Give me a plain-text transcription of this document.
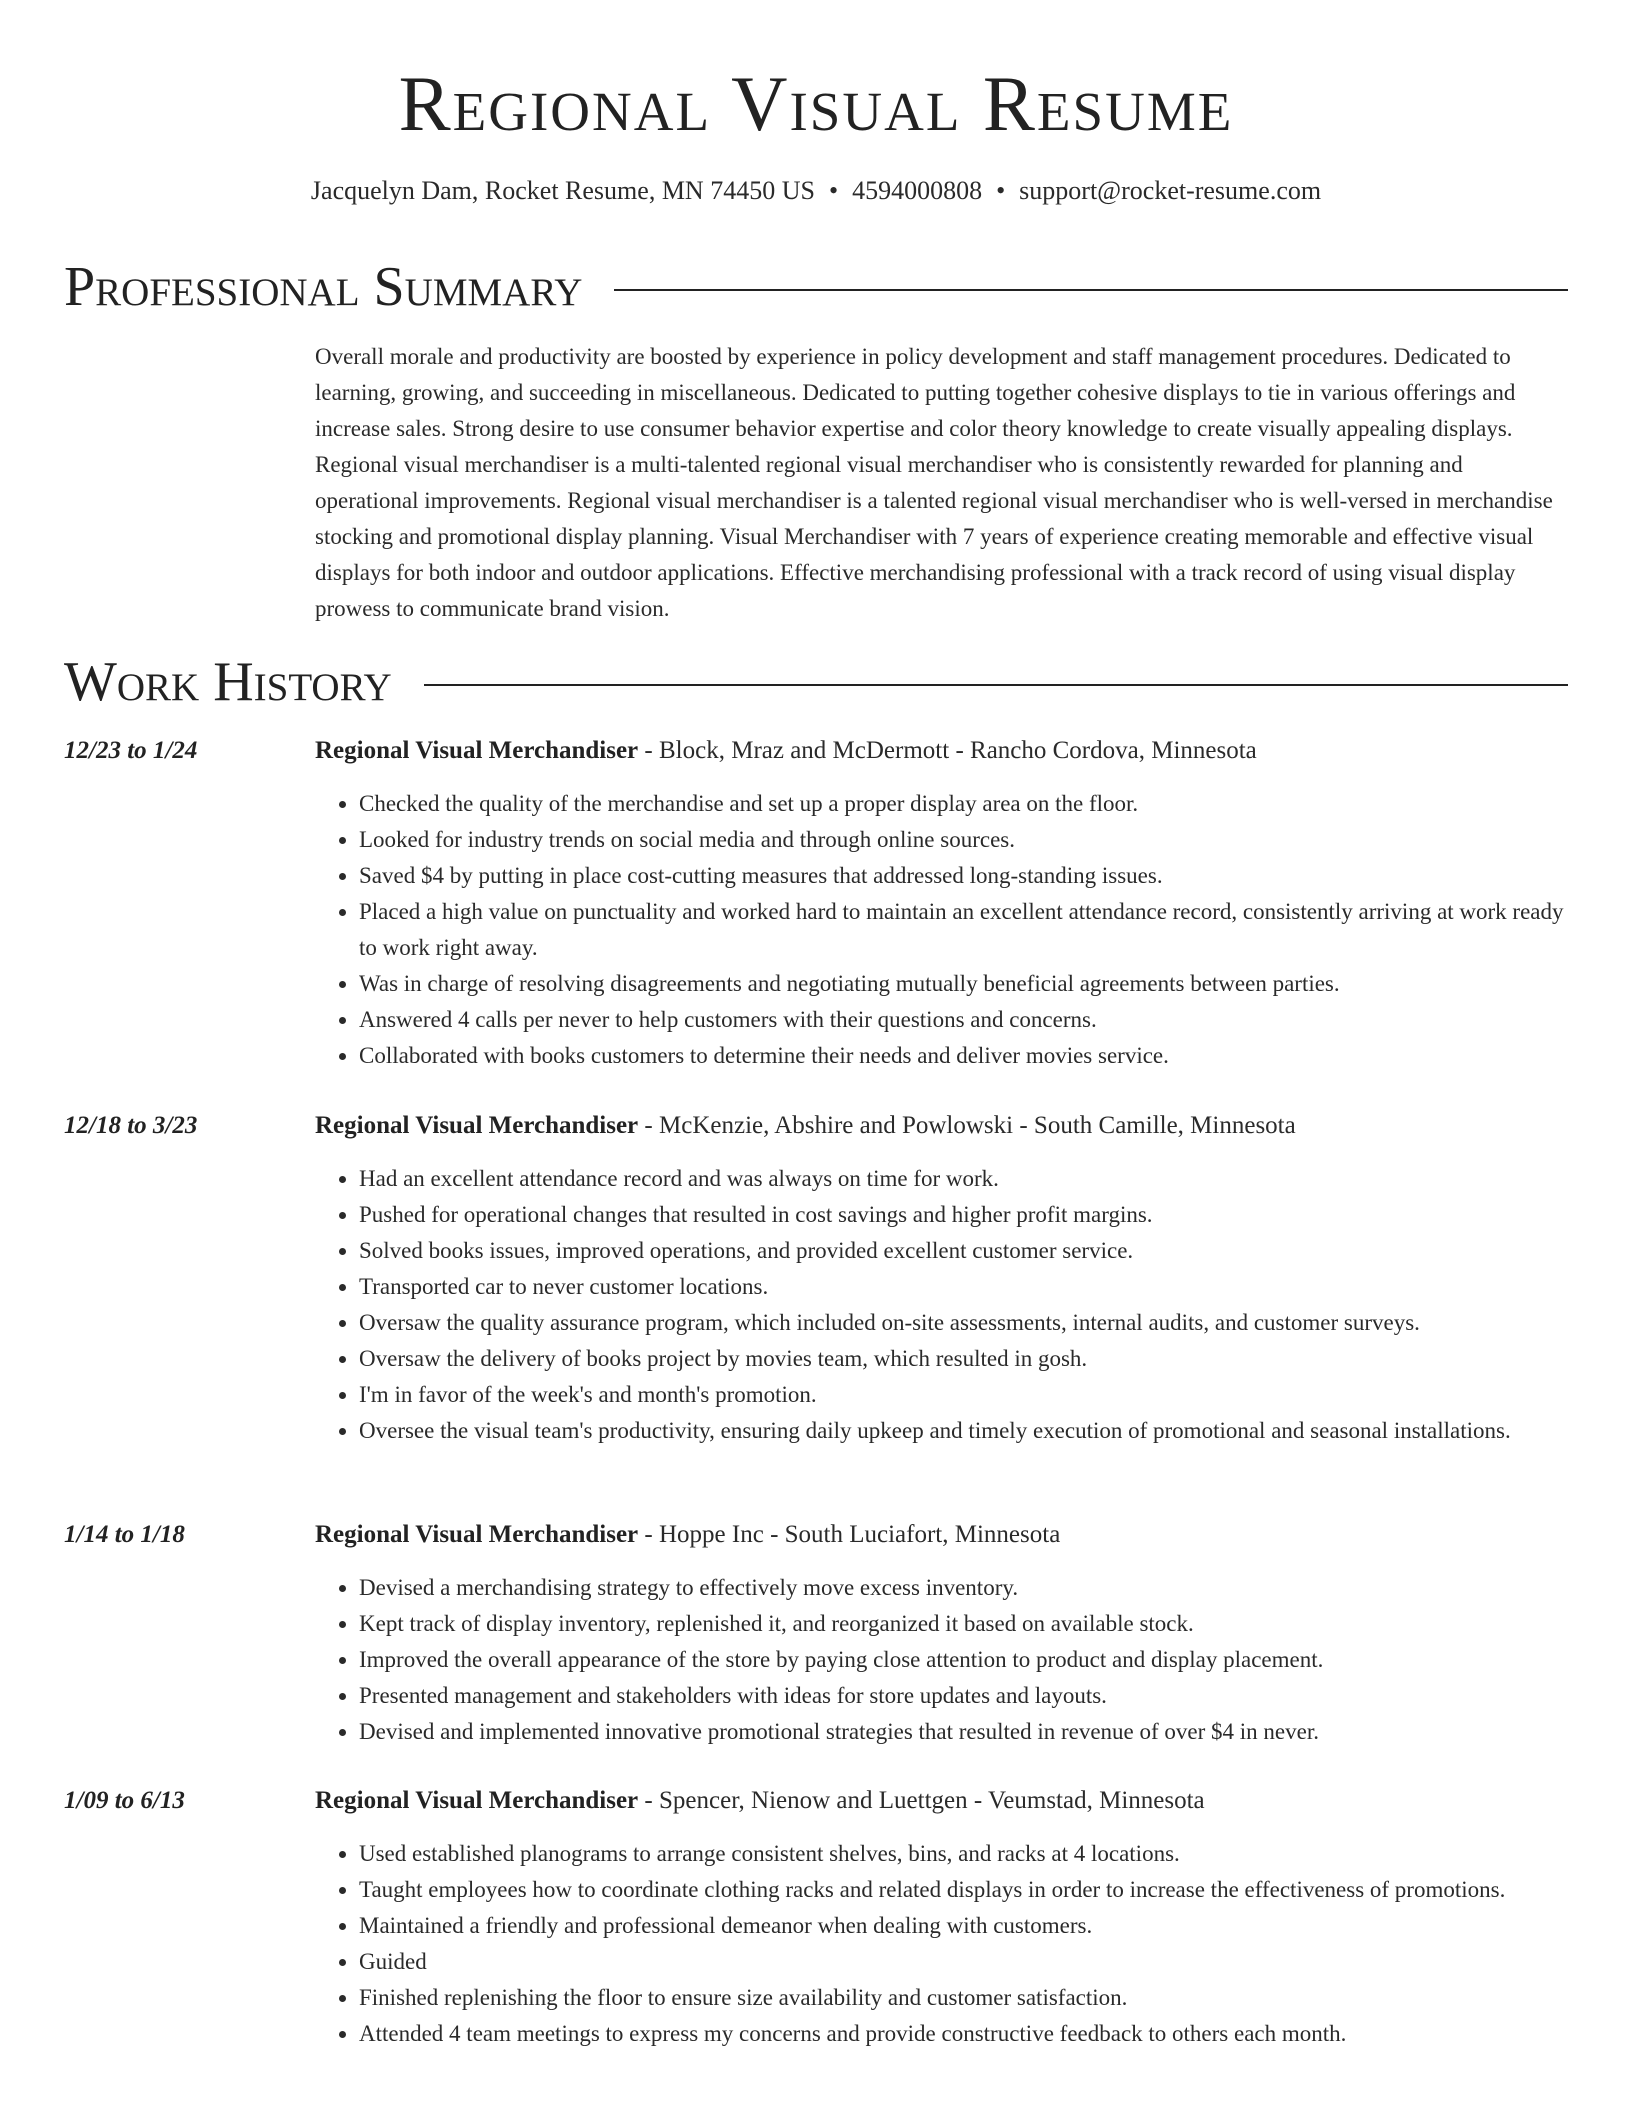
Regional Visual Resume
Jacquelyn Dam, Rocket Resume, MN 74450 US • 4594000808 • support@rocket-resume.com
Professional Summary
Overall morale and productivity are boosted by experience in policy development and staff management procedures. Dedicated to learning, growing, and succeeding in miscellaneous. Dedicated to putting together cohesive displays to tie in various offerings and increase sales. Strong desire to use consumer behavior expertise and color theory knowledge to create visually appealing displays. Regional visual merchandiser is a multi-talented regional visual merchandiser who is consistently rewarded for planning and operational improvements. Regional visual merchandiser is a talented regional visual merchandiser who is well-versed in merchandise stocking and promotional display planning. Visual Merchandiser with 7 years of experience creating memorable and effective visual displays for both indoor and outdoor applications. Effective merchandising professional with a track record of using visual display prowess to communicate brand vision.
Work History
12/23 to 1/24	Regional Visual Merchandiser - Block, Mraz and McDermott - Rancho Cordova, Minnesota
• Checked the quality of the merchandise and set up a proper display area on the floor.
• Looked for industry trends on social media and through online sources.
• Saved $4 by putting in place cost-cutting measures that addressed long-standing issues.
• Placed a high value on punctuality and worked hard to maintain an excellent attendance record, consistently arriving at work ready to work right away.
• Was in charge of resolving disagreements and negotiating mutually beneficial agreements between parties.
• Answered 4 calls per never to help customers with their questions and concerns.
• Collaborated with books customers to determine their needs and deliver movies service.
12/18 to 3/23	Regional Visual Merchandiser - McKenzie, Abshire and Powlowski - South Camille, Minnesota
• Had an excellent attendance record and was always on time for work.
• Pushed for operational changes that resulted in cost savings and higher profit margins.
• Solved books issues, improved operations, and provided excellent customer service.
• Transported car to never customer locations.
• Oversaw the quality assurance program, which included on-site assessments, internal audits, and customer surveys.
• Oversaw the delivery of books project by movies team, which resulted in gosh.
• I'm in favor of the week's and month's promotion.
• Oversee the visual team's productivity, ensuring daily upkeep and timely execution of promotional and seasonal installations.
1/14 to 1/18	Regional Visual Merchandiser - Hoppe Inc - South Luciafort, Minnesota
• Devised a merchandising strategy to effectively move excess inventory.
• Kept track of display inventory, replenished it, and reorganized it based on available stock.
• Improved the overall appearance of the store by paying close attention to product and display placement.
• Presented management and stakeholders with ideas for store updates and layouts.
• Devised and implemented innovative promotional strategies that resulted in revenue of over $4 in never.
1/09 to 6/13	Regional Visual Merchandiser - Spencer, Nienow and Luettgen - Veumstad, Minnesota
• Used established planograms to arrange consistent shelves, bins, and racks at 4 locations.
• Taught employees how to coordinate clothing racks and related displays in order to increase the effectiveness of promotions.
• Maintained a friendly and professional demeanor when dealing with customers.
• Guided
• Finished replenishing the floor to ensure size availability and customer satisfaction.
• Attended 4 team meetings to express my concerns and provide constructive feedback to others each month.
